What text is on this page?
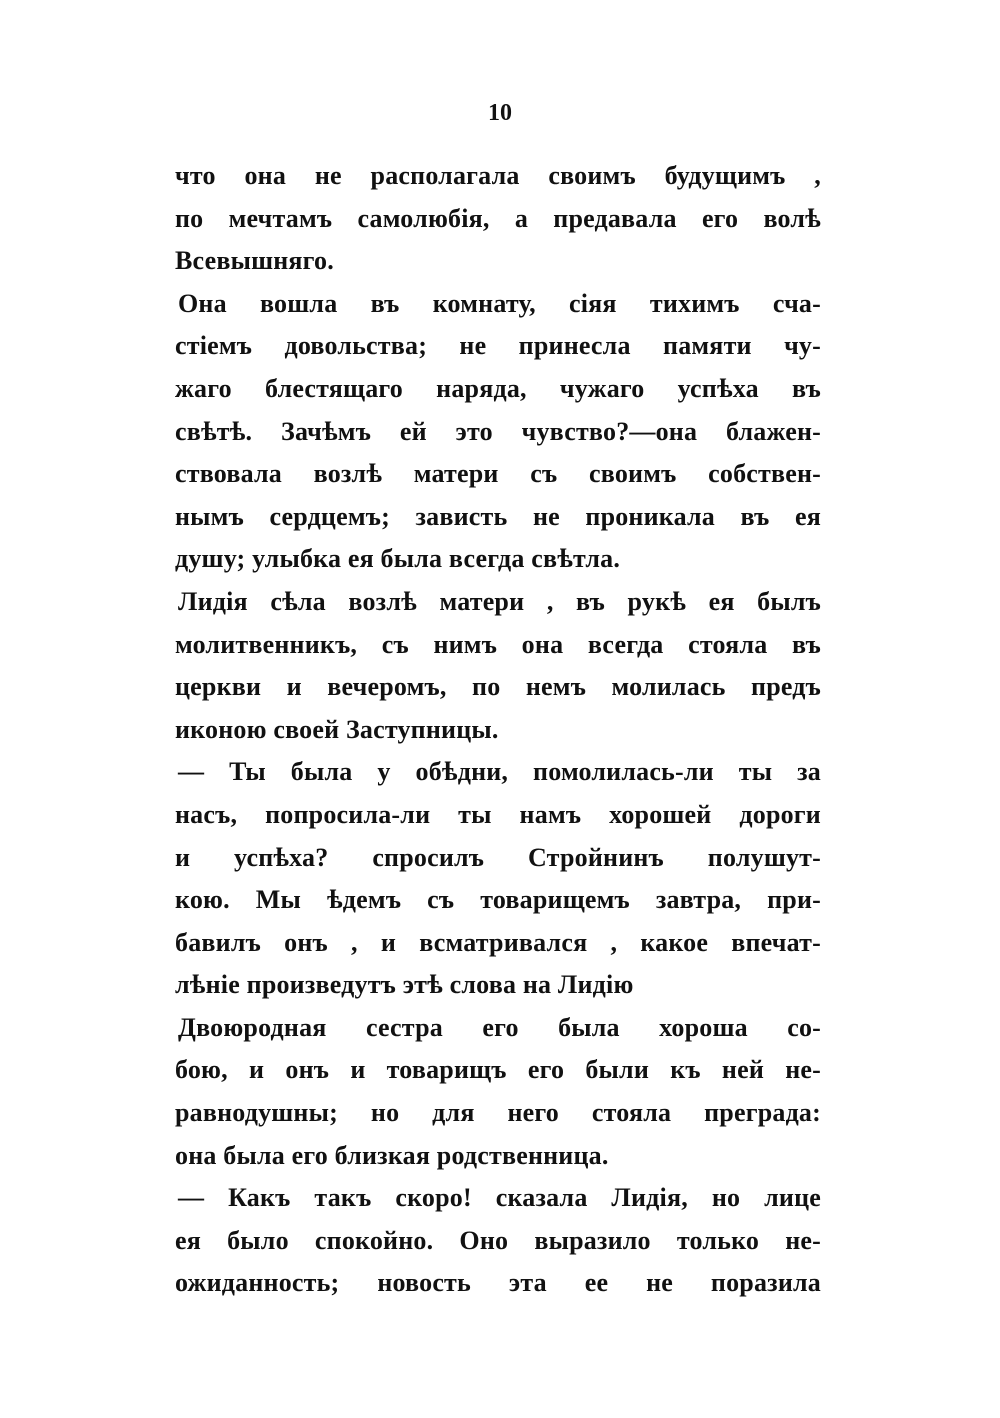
10
что она не располагала своимъ будущимъ ,
по мечтамъ самолюбія, а предавала его волѣ
Всевышняго.
Она вошла въ комнату, сіяя тихимъ сча-
стіемъ довольства; не принесла памяти чу-
жаго блестящаго наряда, чужаго успѣха въ
свѣтѣ. Зачѣмъ ей это чувство?—она блажен-
ствовала возлѣ матери съ своимъ собствен-
нымъ сердцемъ; зависть не проникала въ ея
душу; улыбка ея была всегда свѣтла.
Лидія сѣла возлѣ матери , въ рукѣ ея былъ
молитвенникъ, съ нимъ она всегда стояла въ
церкви и вечеромъ, по немъ молилась предъ
иконою своей Заступницы.
— Ты была у обѣдни, помолилась-ли ты за
насъ, попросила-ли ты намъ хорошей дороги
и успѣха? спросилъ Стройнинъ полушут-
кою. Мы ѣдемъ съ товарищемъ завтра, при-
бавилъ онъ , и всматривался , какое впечат-
лѣніе произведутъ этѣ слова на Лидію
Двоюродная сестра его была хороша со-
бою, и онъ и товарищъ его были къ ней не-
равнодушны; но для него стояла преграда:
она была его близкая родственница.
— Какъ такъ скоро! сказала Лидія, но лице
ея было спокойно. Оно выразило только не-
ожиданность; новость эта ее не поразила
